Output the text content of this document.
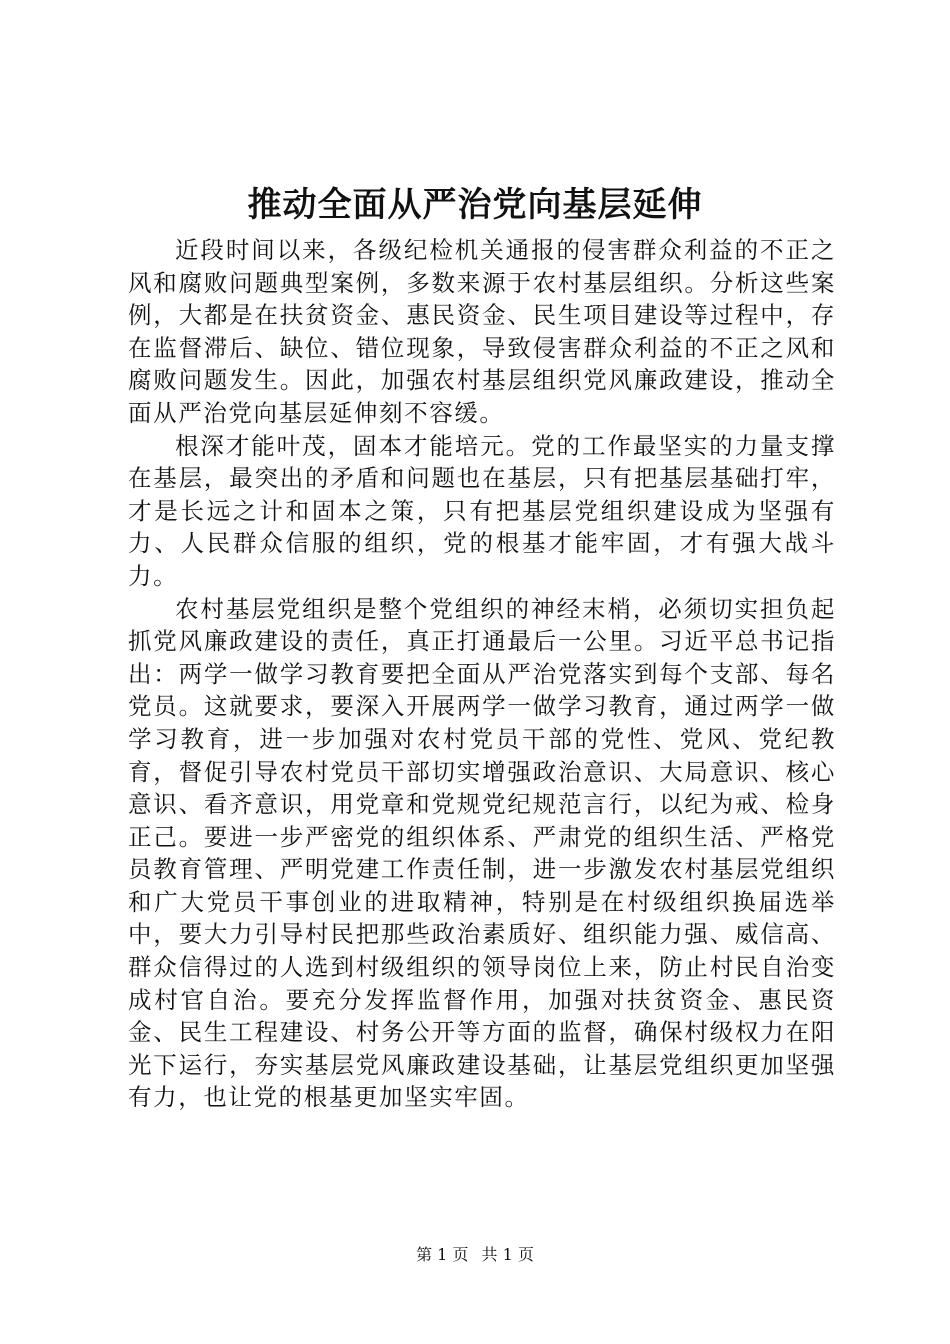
推动全面从严治党向基层延伸

近段时间以来，各级纪检机关通报的侵害群众利益的不正之风和腐败问题典型案例，多数来源于农村基层组织。分析这些案例，大都是在扶贫资金、惠民资金、民生项目建设等过程中，存在监督滞后、缺位、错位现象，导致侵害群众利益的不正之风和腐败问题发生。因此，加强农村基层组织党风廉政建设，推动全面从严治党向基层延伸刻不容缓。

根深才能叶茂，固本才能培元。党的工作最坚实的力量支撑在基层，最突出的矛盾和问题也在基层，只有把基层基础打牢，才是长远之计和固本之策，只有把基层党组织建设成为坚强有力、人民群众信服的组织，党的根基才能牢固，才有强大战斗力。

农村基层党组织是整个党组织的神经末梢，必须切实担负起抓党风廉政建设的责任，真正打通最后一公里。习近平总书记指出：两学一做学习教育要把全面从严治党落实到每个支部、每名党员。这就要求，要深入开展两学一做学习教育，通过两学一做学习教育，进一步加强对农村党员干部的党性、党风、党纪教育，督促引导农村党员干部切实增强政治意识、大局意识、核心意识、看齐意识，用党章和党规党纪规范言行，以纪为戒、检身正己。要进一步严密党的组织体系、严肃党的组织生活、严格党员教育管理、严明党建工作责任制，进一步激发农村基层党组织和广大党员干事创业的进取精神，特别是在村级组织换届选举中，要大力引导村民把那些政治素质好、组织能力强、威信高、群众信得过的人选到村级组织的领导岗位上来，防止村民自治变成村官自治。要充分发挥监督作用，加强对扶贫资金、惠民资金、民生工程建设、村务公开等方面的监督，确保村级权力在阳光下运行，夯实基层党风廉政建设基础，让基层党组织更加坚强有力，也让党的根基更加坚实牢固。

第 1 页 共 1 页
